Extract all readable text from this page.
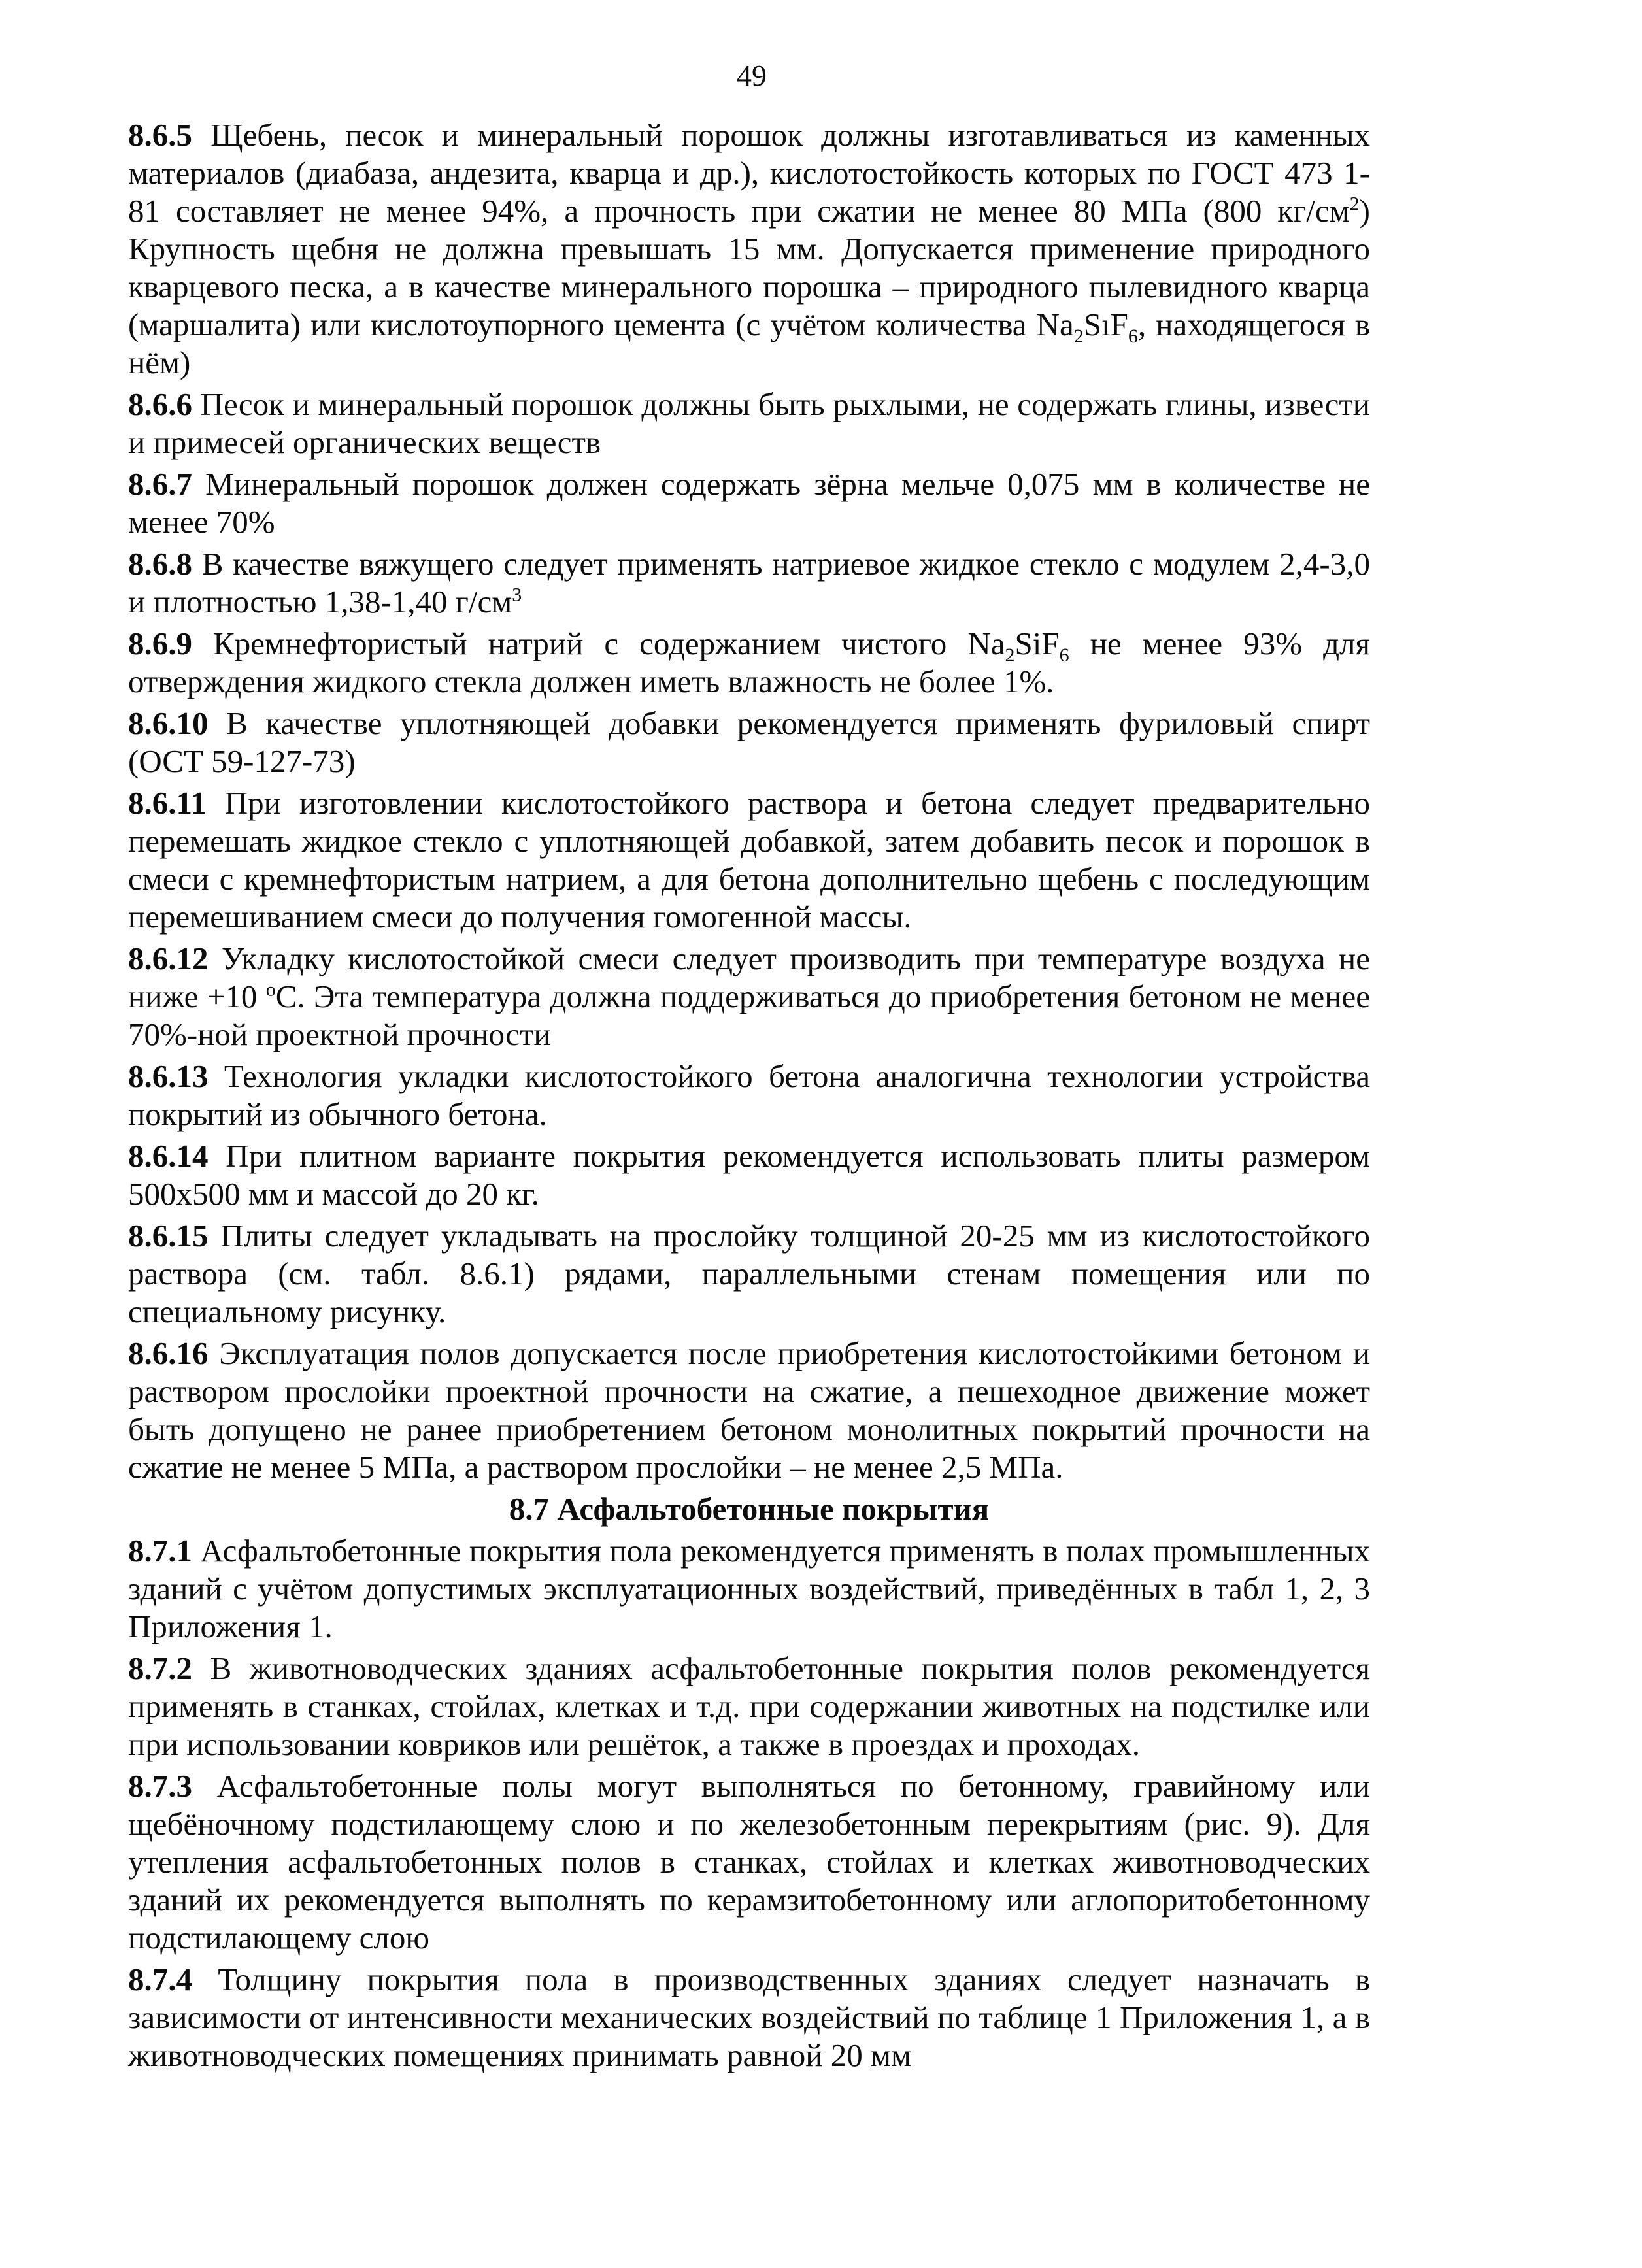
49

8.6.5 Щебень, песок и минеральный порошок должны изготавливаться из каменных материалов (диабаза, андезита, кварца и др.), кислотостойкость которых по ГОСТ 473 1-81 составляет не менее 94%, а прочность при сжатии не менее 80 МПа (800 $кг/см^2$) Крупность щебня не должна превышать 15 мм. Допускается применение природного кварцевого песка, а в качестве минерального порошка – природного пылевидного кварца (маршалита) или кислотоупорного цемента (с учётом количества $Na_2SıF_6$, находящегося в нём)

8.6.6 Песок и минеральный порошок должны быть рыхлыми, не содержать глины, извести и примесей органических веществ

8.6.7 Минеральный порошок должен содержать зёрна мельче 0,075 мм в количестве не менее 70%

8.6.8 В качестве вяжущего следует применять натриевое жидкое стекло с модулем 2,4-3,0 и плотностью 1,38-1,40 $г/см^3$

8.6.9 Кремнефтористый натрий с содержанием чистого $Na_2SiF_6$ не менее 93% для отверждения жидкого стекла должен иметь влажность не более 1%.

8.6.10 В качестве уплотняющей добавки рекомендуется применять фуриловый спирт (ОСТ 59-127-73)

8.6.11 При изготовлении кислотостойкого раствора и бетона следует предварительно перемешать жидкое стекло с уплотняющей добавкой, затем добавить песок и порошок в смеси с кремнефтористым натрием, а для бетона дополнительно щебень с последующим перемешиванием смеси до получения гомогенной массы.

8.6.12 Укладку кислотостойкой смеси следует производить при температуре воздуха не ниже +10 $^о$С. Эта температура должна поддерживаться до приобретения бетоном не менее 70%-ной проектной прочности

8.6.13 Технология укладки кислотостойкого бетона аналогична технологии устройства покрытий из обычного бетона.

8.6.14 При плитном варианте покрытия рекомендуется использовать плиты размером 500х500 мм и массой до 20 кг.

8.6.15 Плиты следует укладывать на прослойку толщиной 20-25 мм из кислотостойкого раствора (см. табл. 8.6.1) рядами, параллельными стенам помещения или по специальному рисунку.

8.6.16 Эксплуатация полов допускается после приобретения кислотостойкими бетоном и раствором прослойки проектной прочности на сжатие, а пешеходное движение может быть допущено не ранее приобретением бетоном монолитных покрытий прочности на сжатие не менее 5 МПа, а раствором прослойки – не менее 2,5 МПа.

8.7 Асфальтобетонные покрытия

8.7.1 Асфальтобетонные покрытия пола рекомендуется применять в полах промышленных зданий с учётом допустимых эксплуатационных воздействий, приведённых в табл 1, 2, 3 Приложения 1.

8.7.2 В животноводческих зданиях асфальтобетонные покрытия полов рекомендуется применять в станках, стойлах, клетках и т.д. при содержании животных на подстилке или при использовании ковриков или решёток, а также в проездах и проходах.

8.7.3 Асфальтобетонные полы могут выполняться по бетонному, гравийному или щебёночному подстилающему слою и по железобетонным перекрытиям (рис. 9). Для утепления асфальтобетонных полов в станках, стойлах и клетках животноводческих зданий их рекомендуется выполнять по керамзитобетонному или аглопоритобетонному подстилающему слою

8.7.4 Толщину покрытия пола в производственных зданиях следует назначать в зависимости от интенсивности механических воздействий по таблице 1 Приложения 1, а в животноводческих помещениях принимать равной 20 мм
